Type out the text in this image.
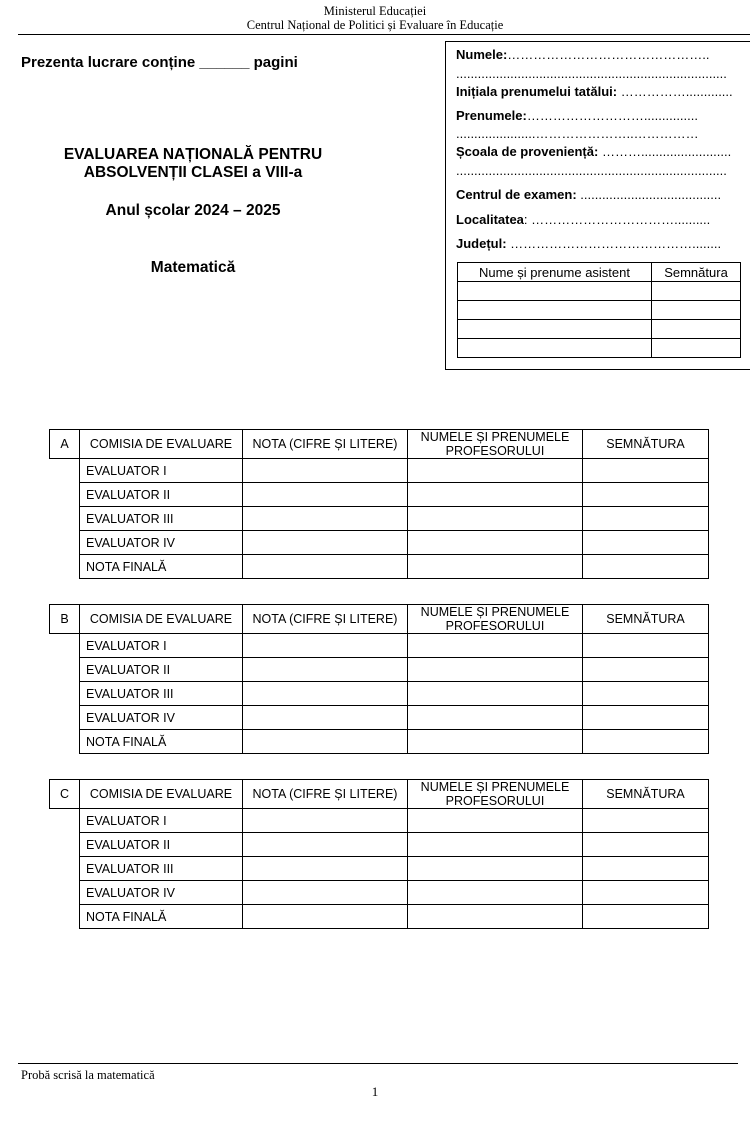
Ministerul Educației
Centrul Național de Politici și Evaluare în Educație
Prezenta lucrare conține ______ pagini
EVALUAREA NAȚIONALĂ PENTRU
ABSOLVENȚII CLASEI a VIII-a
Anul școlar 2024 – 2025
Matematică
Numele:………………………………………..
...........................................................................
Inițiala prenumelui tatălui: …………….............
Prenumele:………………………...............
......................…………………..……………
Școala de proveniență: ……….........................
...........................................................................
Centrul de examen: .......................................
Localitatea: ……………………………..........
Județul: ……………………………………........
Nume și prenume asistent	Semnătura

A	COMISIA DE EVALUARE	NOTA (CIFRE ȘI LITERE)	NUMELE ȘI PRENUMELE
PROFESORULUI	SEMNĂTURA
	EVALUATOR I			
	EVALUATOR II			
	EVALUATOR III			
	EVALUATOR IV			
	NOTA FINALĂ			
B	COMISIA DE EVALUARE	NOTA (CIFRE ȘI LITERE)	NUMELE ȘI PRENUMELE
PROFESORULUI	SEMNĂTURA
	EVALUATOR I			
	EVALUATOR II			
	EVALUATOR III			
	EVALUATOR IV			
	NOTA FINALĂ			
C	COMISIA DE EVALUARE	NOTA (CIFRE ȘI LITERE)	NUMELE ȘI PRENUMELE
PROFESORULUI	SEMNĂTURA
	EVALUATOR I			
	EVALUATOR II			
	EVALUATOR III			
	EVALUATOR IV			
	NOTA FINALĂ			
Probă scrisă la matematică
1
